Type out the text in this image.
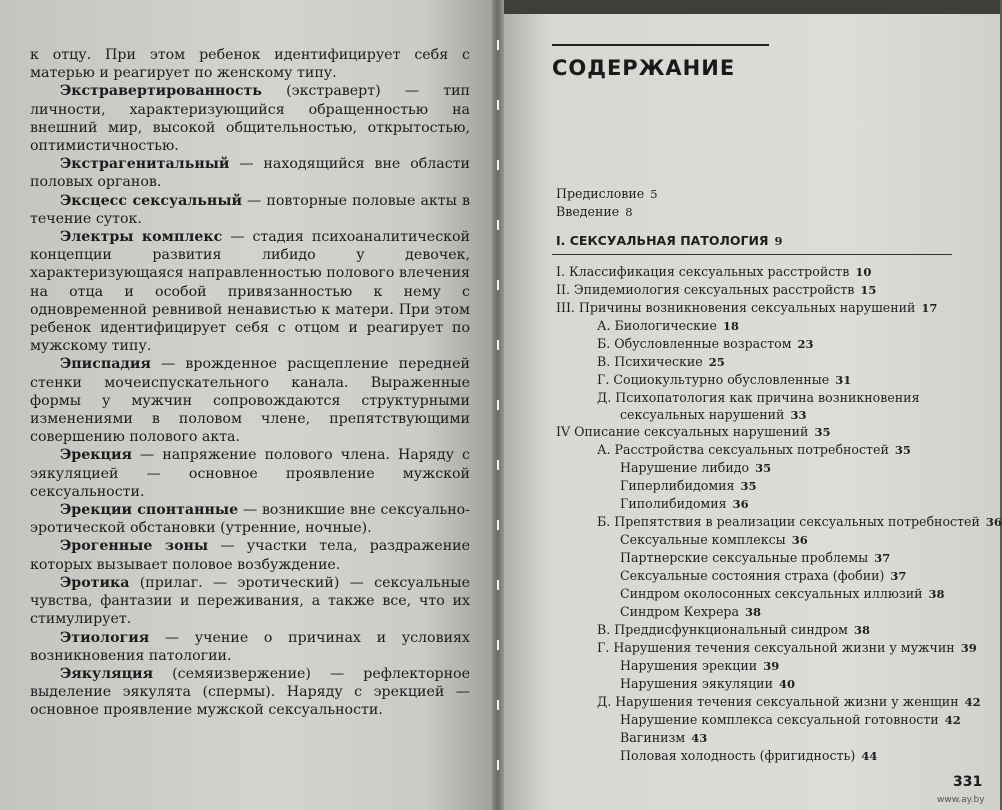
к отцу. При этом ребенок идентифицирует себя с матерью и реагирует по женскому типу.

Экстравертированность (экстраверт) — тип личности, характеризующийся обращенностью на внешний мир, высокой общительностью, открытостью, оптимистичностью.

Экстрагенитальный — находящийся вне области половых органов.

Эксцесс сексуальный — повторные половые акты в течение суток.

Электры комплекс — стадия психоаналитической концепции развития либидо у девочек, характеризующаяся направленностью полового влечения на отца и особой привязанностью к нему с одновременной ревнивой ненавистью к матери. При этом ребенок идентифицирует себя с отцом и реагирует по мужскому типу.

Эписпадия — врожденное расщепление передней стенки мочеиспускательного канала. Выраженные формы у мужчин сопровождаются структурными изменениями в половом члене, препятствующими совершению полового акта.

Эрекция — напряжение полового члена. Наряду с эякуляцией — основное проявление мужской сексуальности.

Эрекции спонтанные — возникшие вне сексуально-эротической обстановки (утренние, ночные).

Эрогенные зоны — участки тела, раздражение которых вызывает половое возбуждение.

Эротика (прилаг. — эротический) — сексуальные чувства, фантазии и переживания, а также все, что их стимулирует.

Этиология — учение о причинах и условиях возникновения патологии.

Эякуляция (семяизвержение) — рефлекторное выделение эякулята (спермы). Наряду с эрекцией — основное проявление мужской сексуальности.

СОДЕРЖАНИЕ
Предисловие 5
Введение 8
I. СЕКСУАЛЬНАЯ ПАТОЛОГИЯ 9
I. Классификация сексуальных расстройств 10
II. Эпидемиология сексуальных расстройств 15
III. Причины возникновения сексуальных нарушений 17
А. Биологические 18
Б. Обусловленные возрастом 23
В. Психические 25
Г. Социокультурно обусловленные 31
Д. Психопатология как причина возникновения
сексуальных нарушений 33
IV Описание сексуальных нарушений 35
А. Расстройства сексуальных потребностей 35
Нарушение либидо 35
Гиперлибидомия 35
Гиполибидомия 36
Б. Препятствия в реализации сексуальных потребностей 36
Сексуальные комплексы 36
Партнерские сексуальные проблемы 37
Сексуальные состояния страха (фобии) 37
Синдром околосонных сексуальных иллюзий 38
Синдром Кехрера 38
В. Преддисфункциональный синдром 38
Г. Нарушения течения сексуальной жизни у мужчин 39
Нарушения эрекции 39
Нарушения эякуляции 40
Д. Нарушения течения сексуальной жизни у женщин 42
Нарушение комплекса сексуальной готовности 42
Вагинизм 43
Половая холодность (фригидность) 44
331
www.ay.by
